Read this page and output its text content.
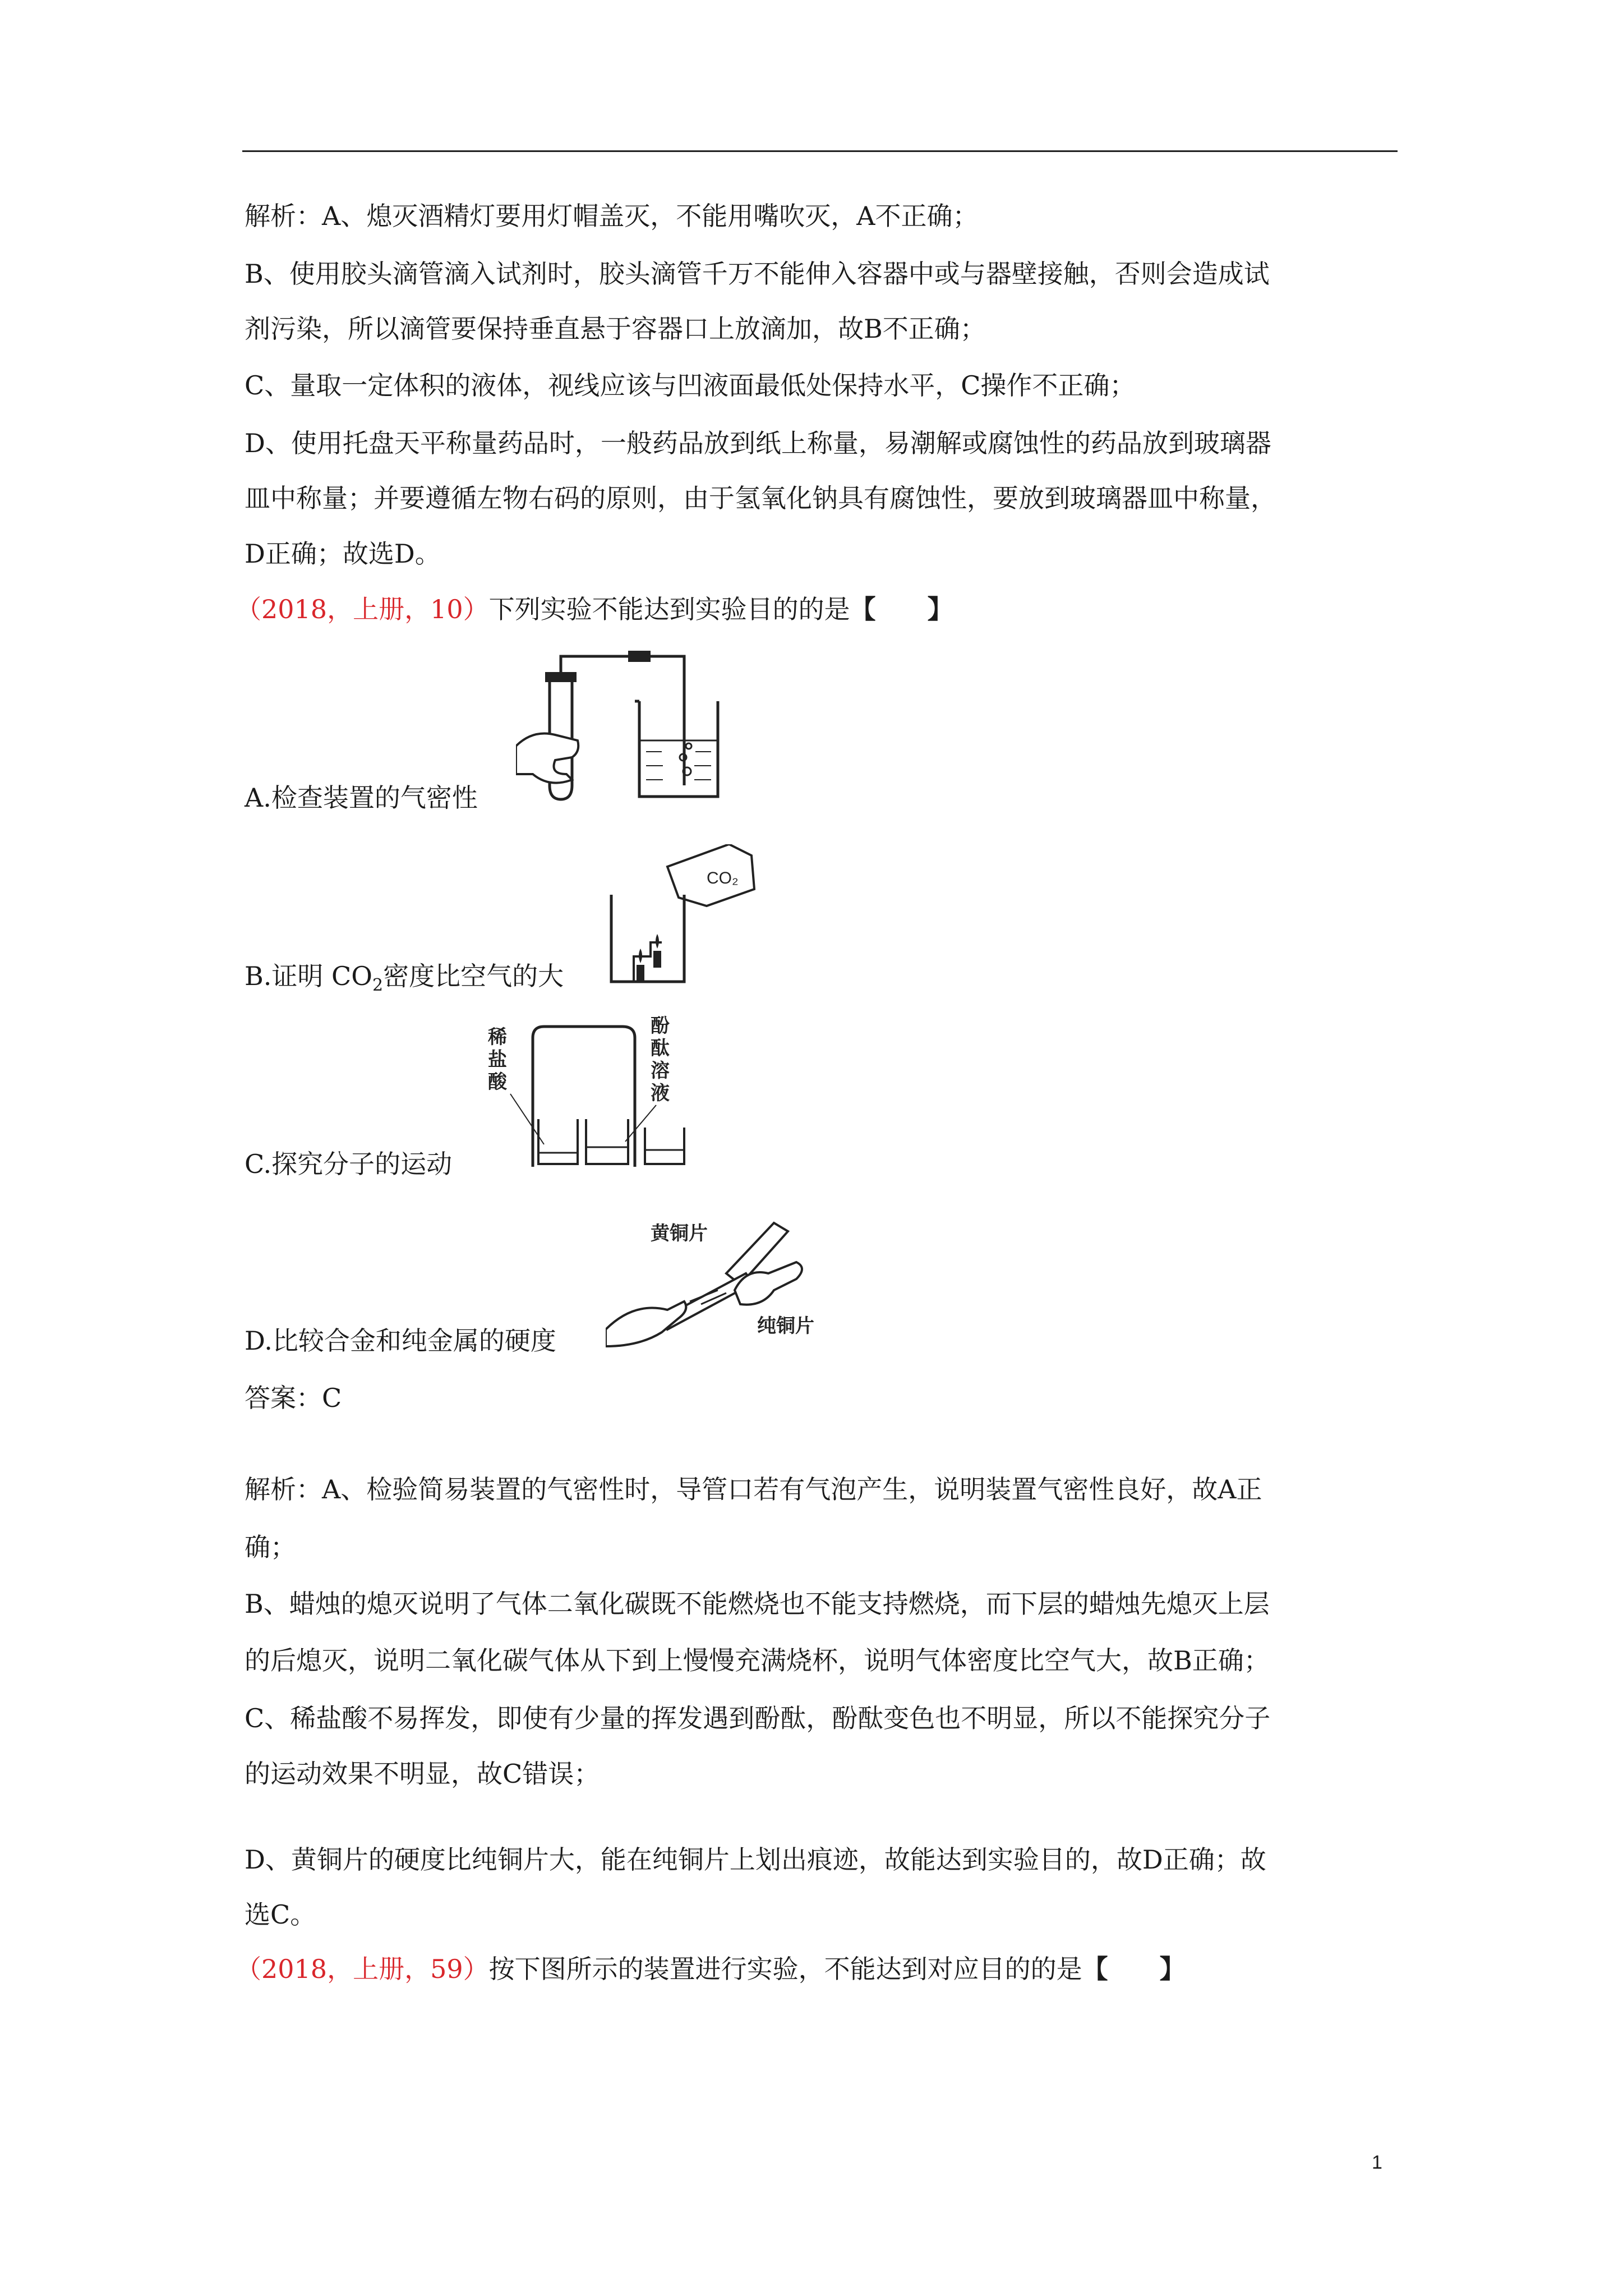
解析：A、熄灭酒精灯要用灯帽盖灭，不能用嘴吹灭，A不正确；
B、使用胶头滴管滴入试剂时，胶头滴管千万不能伸入容器中或与器壁接触，否则会造成试
剂污染，所以滴管要保持垂直悬于容器口上放滴加，故B不正确；
C、量取一定体积的液体，视线应该与凹液面最低处保持水平，C操作不正确；
D、使用托盘天平称量药品时，一般药品放到纸上称量，易潮解或腐蚀性的药品放到玻璃器
皿中称量；并要遵循左物右码的原则，由于氢氧化钠具有腐蚀性，要放到玻璃器皿中称量，
D正确；故选D。
（2018，上册，10）下列实验不能达到实验目的的是【　　】
A.检查装置的气密性
B.证明 $CO_2$密度比空气的大
CO₂
C.探究分子的运动
稀
盐
酸
酚
酞
溶
液
D.比较合金和纯金属的硬度
黄铜片
纯铜片
答案：C
解析：A、检验简易装置的气密性时，导管口若有气泡产生，说明装置气密性良好，故A正
确；
B、蜡烛的熄灭说明了气体二氧化碳既不能燃烧也不能支持燃烧，而下层的蜡烛先熄灭上层
的后熄灭，说明二氧化碳气体从下到上慢慢充满烧杯，说明气体密度比空气大，故B正确；
C、稀盐酸不易挥发，即使有少量的挥发遇到酚酞，酚酞变色也不明显，所以不能探究分子
的运动效果不明显，故C错误；
D、黄铜片的硬度比纯铜片大，能在纯铜片上划出痕迹，故能达到实验目的，故D正确；故
选C。
（2018，上册，59）按下图所示的装置进行实验，不能达到对应目的的是【　　】
1
